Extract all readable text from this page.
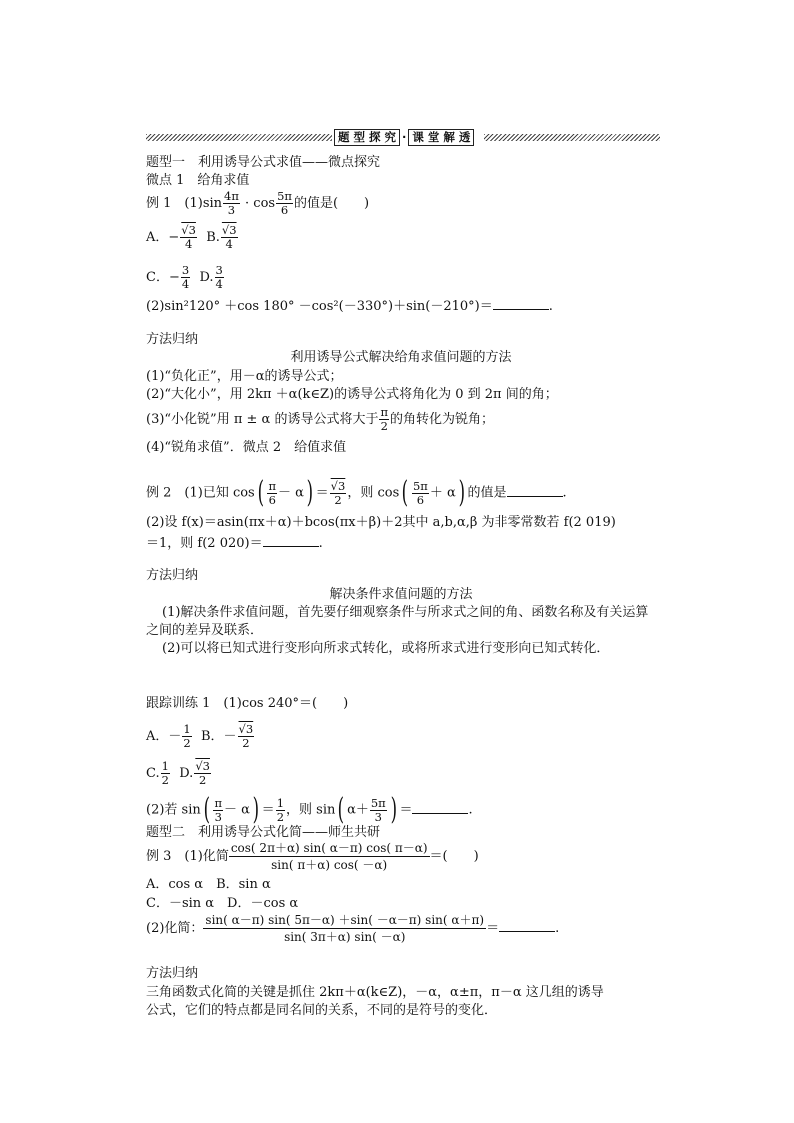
题 型 探 究 · 课 堂 解 透
题型一　利用诱导公式求值——微点探究
微点 1　给角求值
例 1　$(1)\sin \frac{4\pi}{3} \cdot \cos \frac{5\pi}{6}$ 的值是(　　)
A．− $\frac{√3}{4} B$. $\frac{√3}{4}$
C．− $\frac{3}{4} D$. $\frac{3}{4}$
(2)sin²120° ＋cos 180° －cos²(－330°)＋sin(－210°)＝	.
方法归纳
利用诱导公式解决给角求值问题的方法
(1)“负化正”，用－α的诱导公式；
(2)“大化小”，用 2kπ ＋α(k∈Z)的诱导公式将角化为 0 到 2π 间的角；
(3)“小化锐”用 π ± α 的诱导公式将大于 $\frac{\pi}{2}$ 的角转化为锐角；
(4)“锐角求值”．微点 2　给值求值
例 2　(1)已知 $\cos( \frac{\pi}{6} - \alpha) = \frac{√3}{2}$ ，则 $\cos( \frac{5\pi}{6} + \alpha)$ 的值是	.
(2)设 f(x)＝asin(πx＋α)＋bcos(πx＋β)＋2其中 a,b,α,β 为非零常数若 f(2 019)
＝1，则 f(2 020)＝	.
方法归纳
解决条件求值问题的方法
(1)解决条件求值问题，首先要仔细观察条件与所求式之间的角、函数名称及有关运算
之间的差异及联系．
(2)可以将已知式进行变形向所求式转化，或将所求式进行变形向已知式转化．
跟踪训练 1　(1)cos 240°＝(　　)
A．－ $\frac{1}{2}$ B．－ $\frac{√3}{2}$
C. $\frac{1}{2} D$. $\frac{√3}{2}$
(2)若 $\sin( \frac{\pi}{3} - \alpha) = \frac{1}{2}$ ，则 sin( $\alpha+ \frac{5\pi}{3}$ ) ＝	.
题型二　利用诱导公式化简——师生共研
例 3　(1)化简 $\frac{\cos( 2\pi+\alpha) \sin( \alpha-\pi) \cos( \pi-\alpha)}{\sin( \pi+\alpha) \cos( -\alpha)}$ ＝(　　)
A．cos α　B．sin α
C．－sin α　D．－cos α
(2)化简： $\frac{\sin( \alpha-\pi) \sin( 5\pi-\alpha) +\sin( -\alpha-\pi) \sin( \alpha+\pi)}{\sin( 3\pi+\alpha) \sin( -\alpha)}$ ＝	.
方法归纳
三角函数式化简的关键是抓住 2kπ＋α(k∈Z)，－α，α±π，π－α 这几组的诱导
公式，它们的特点都是同名间的关系，不同的是符号的变化．
